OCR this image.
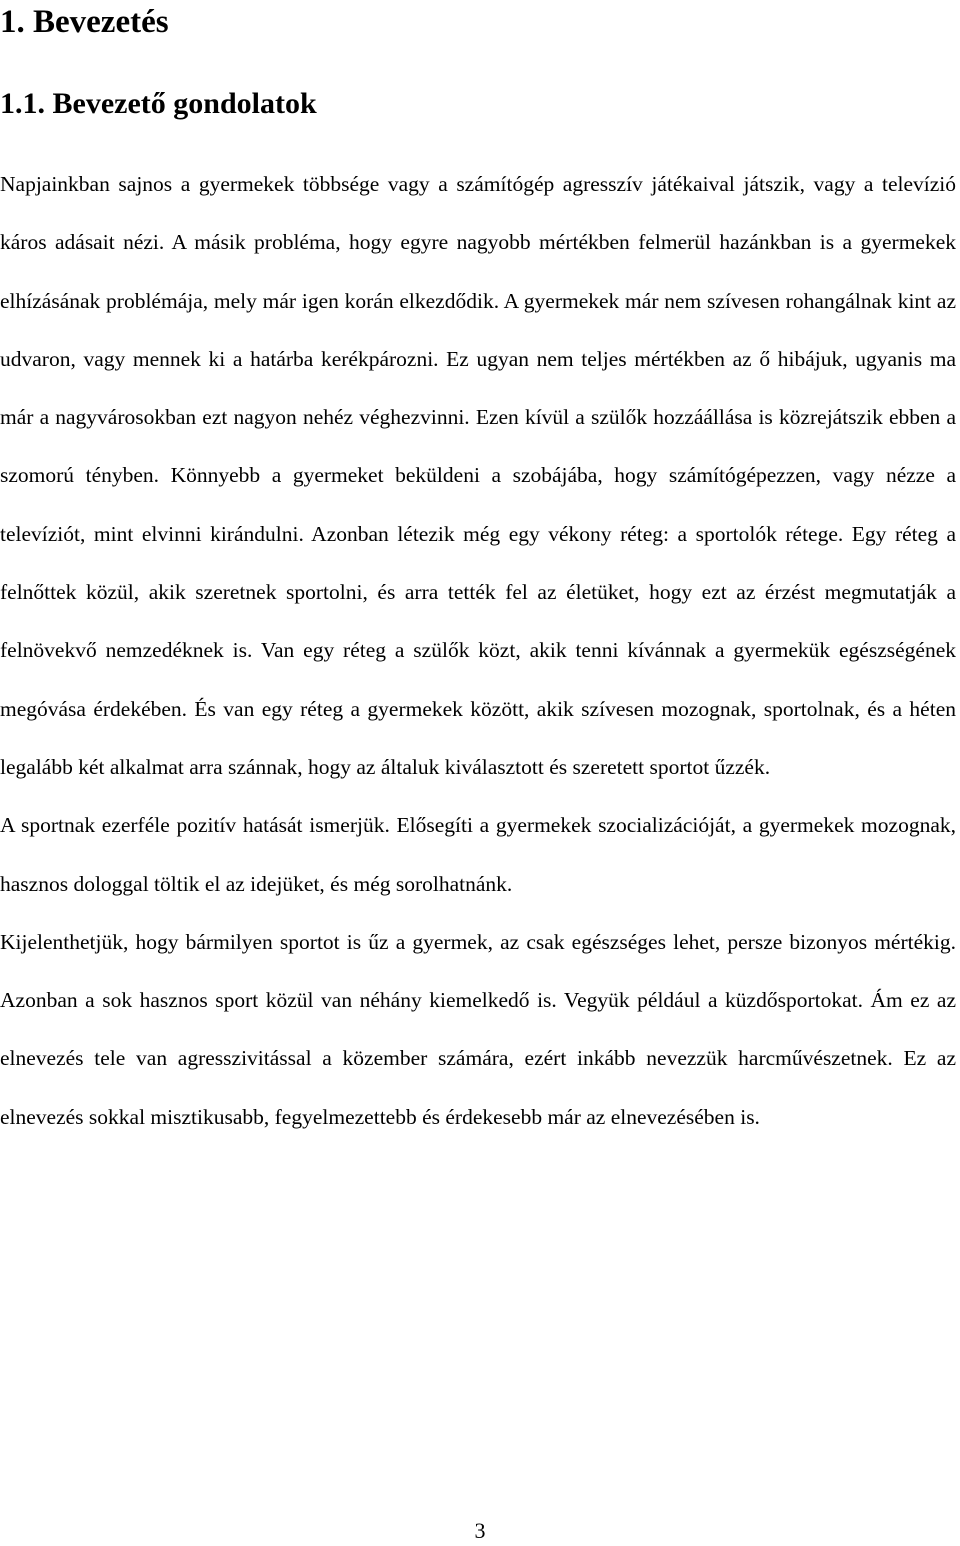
1. Bevezetés
1.1. Bevezető gondolatok

Napjainkban sajnos a gyermekek többsége vagy a számítógép agresszív játékaival játszik, vagy a televízió káros adásait nézi. A másik probléma, hogy egyre nagyobb mértékben felmerül hazánkban is a gyermekek elhízásának problémája, mely már igen korán elkezdődik. A gyermekek már nem szívesen rohangálnak kint az udvaron, vagy mennek ki a határba kerékpározni. Ez ugyan nem teljes mértékben az ő hibájuk, ugyanis ma már a nagyvárosokban ezt nagyon nehéz véghezvinni. Ezen kívül a szülők hozzáállása is közrejátszik ebben a szomorú tényben. Könnyebb a gyermeket beküldeni a szobájába, hogy számítógépezzen, vagy nézze a televíziót, mint elvinni kirándulni. Azonban létezik még egy vékony réteg: a sportolók rétege. Egy réteg a felnőttek közül, akik szeretnek sportolni, és arra tették fel az életüket, hogy ezt az érzést megmutatják a felnövekvő nemzedéknek is. Van egy réteg a szülők közt, akik tenni kívánnak a gyermekük egészségének megóvása érdekében. És van egy réteg a gyermekek között, akik szívesen mozognak, sportolnak, és a héten legalább két alkalmat arra szánnak, hogy az általuk kiválasztott és szeretett sportot űzzék.

A sportnak ezerféle pozitív hatását ismerjük. Elősegíti a gyermekek szocializációját, a gyermekek mozognak, hasznos dologgal töltik el az idejüket, és még sorolhatnánk.

Kijelenthetjük, hogy bármilyen sportot is űz a gyermek, az csak egészséges lehet, persze bizonyos mértékig. Azonban a sok hasznos sport közül van néhány kiemelkedő is. Vegyük például a küzdősportokat. Ám ez az elnevezés tele van agresszivitással a közember számára, ezért inkább nevezzük harcművészetnek. Ez az elnevezés sokkal misztikusabb, fegyelmezettebb és érdekesebb már az elnevezésében is.

3
